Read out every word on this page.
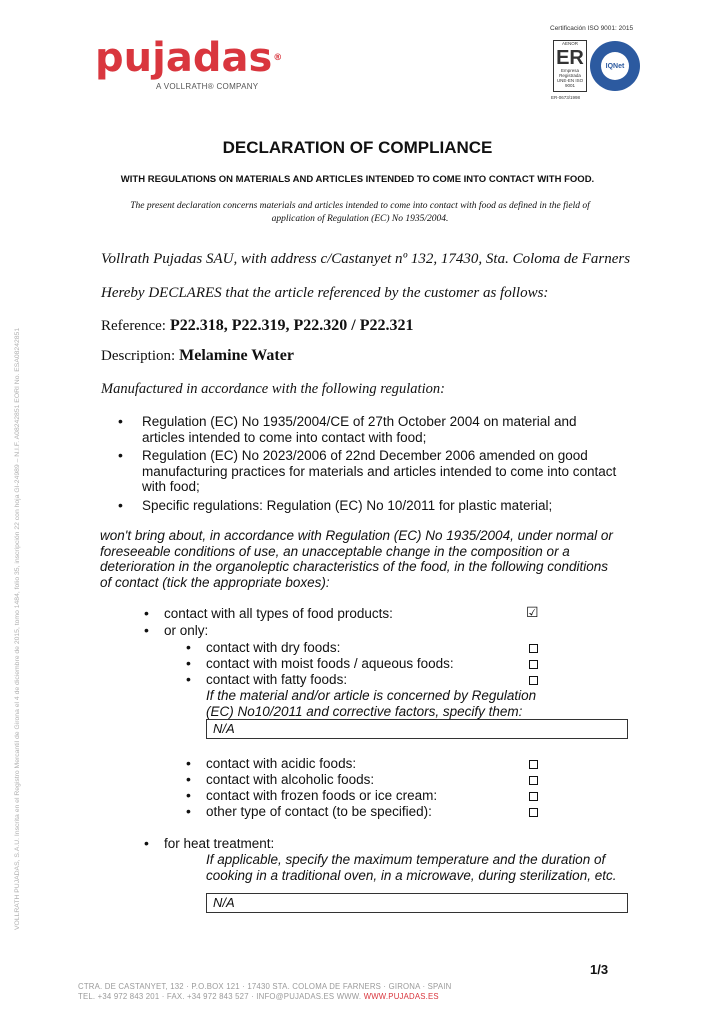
pujadas®
A VOLLRATH® COMPANY
Certificación ISO 9001: 2015
AENOR
ER
Empresa Registrada
UNE-EN ISO 9001
IQNet
ER-0673/1998
DECLARATION OF COMPLIANCE
WITH REGULATIONS ON MATERIALS AND ARTICLES INTENDED TO COME INTO CONTACT WITH FOOD.
The present declaration concerns materials and articles intended to come into contact with food as defined in the field of application of Regulation (EC) No 1935/2004.
Vollrath Pujadas SAU, with address c/Castanyet nº 132, 17430, Sta. Coloma de Farners
Hereby DECLARES that the article referenced by the customer as follows:
Reference: P22.318, P22.319, P22.320 / P22.321
Description: Melamine Water
Manufactured in accordance with the following regulation:
• Regulation (EC) No 1935/2004/CE of 27th October 2004 on material and articles intended to come into contact with food;
• Regulation (EC) No 2023/2006 of 22nd December 2006 amended on good manufacturing practices for materials and articles intended to come into contact with food;
• Specific regulations: Regulation (EC) No 10/2011 for plastic material;
won't bring about, in accordance with Regulation (EC) No 1935/2004, under normal or foreseeable conditions of use, an unacceptable change in the composition or a deterioration in the organoleptic characteristics of the food, in the following conditions of contact (tick the appropriate boxes):
• contact with all types of food products:	☑
• or only:
• contact with dry foods:
• contact with moist foods / aqueous foods:
• contact with fatty foods:
If the material and/or article is concerned by Regulation (EC) No10/2011 and corrective factors, specify them:
N/A
• contact with acidic foods:
• contact with alcoholic foods:
• contact with frozen foods or ice cream:
• other type of contact (to be specified):
• for heat treatment:
If applicable, specify the maximum temperature and the duration of cooking in a traditional oven, in a microwave, during sterilization, etc.
N/A
1/3
CTRA. DE CASTANYET, 132 · P.O.BOX 121 · 17430 STA. COLOMA DE FARNERS · GIRONA · SPAIN
TEL. +34 972 843 201 · FAX. +34 972 843 527 · INFO@PUJADAS.ES WWW. WWW.PUJADAS.ES
VOLLRATH PUJADAS, S.A.U. Inscrita en el Registro Mercantil de Girona el 4 de diciembre de 2015, tomo 1484, folio 35, inscripción 22 con hoja GI-24989 – N.I.F. A08242851 EORI No. ESA08242851
